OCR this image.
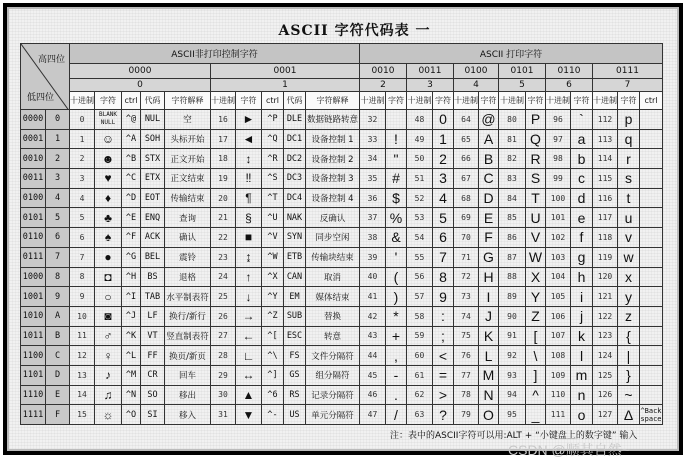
ASCII 字符代码表 一
高四位
低四位		ASCII非打印控制字符										ASCII 打印字符												
		0000					0001					0010		0011		0100		0101		0110		0111		
		0					1					2		3		4		5		6		7		
		十进制	字符	ctrl	代码	字符解释	十进制	字符	ctrl	代码	字符解释	十进制	字符	十进制	字符	十进制	字符	十进制	字符	十进制	字符	十进制	字符	ctrl
0000	0	0	BLANK NULL	^@	NUL	空	16	►	^P	DLE	数据链路转意	32		48	0	64	@	80	P	96	`	112	p	
0001	1	1	☺	^A	SOH	头标开始	17	◄	^Q	DC1	设备控制 1	33	!	49	1	65	A	81	Q	97	a	113	q	
0010	2	2	☻	^B	STX	正文开始	18	↕	^R	DC2	设备控制 2	34	"	50	2	66	B	82	R	98	b	114	r	
0011	3	3	♥	^C	ETX	正文结束	19	‼	^S	DC3	设备控制 3	35	#	51	3	67	C	83	S	99	c	115	s	
0100	4	4	♦	^D	EOT	传输结束	20	¶	^T	DC4	设备控制 4	36	$	52	4	68	D	84	T	100	d	116	t	
0101	5	5	♣	^E	ENQ	查询	21	§	^U	NAK	反确认	37	%	53	5	69	E	85	U	101	e	117	u	
0110	6	6	♠	^F	ACK	确认	22	■	^V	SYN	同步空闲	38	&	54	6	70	F	86	V	102	f	118	v	
0111	7	7	●	^G	BEL	震铃	23	↨	^W	ETB	传输块结束	39	'	55	7	71	G	87	W	103	g	119	w	
1000	8	8	◘	^H	BS	退格	24	↑	^X	CAN	取消	40	(	56	8	72	H	88	X	104	h	120	x	
1001	9	9	○	^I	TAB	水平制表符	25	↓	^Y	EM	媒体结束	41	)	57	9	73	I	89	Y	105	i	121	y	
1010	A	10	◙	^J	LF	换行/新行	26	→	^Z	SUB	替换	42	*	58	:	74	J	90	Z	106	j	122	z	
1011	B	11	♂	^K	VT	竖直制表符	27	←	^[	ESC	转意	43	+	59	;	75	K	91	[	107	k	123	{	
1100	C	12	♀	^L	FF	换页/新页	28	∟	^\	FS	文件分隔符	44	,	60	<	76	L	92	\	108	l	124	|	
1101	D	13	♪	^M	CR	回车	29	↔	^]	GS	组分隔符	45	-	61	=	77	M	93	]	109	m	125	}	
1110	E	14	♫	^N	SO	移出	30	▲	^6	RS	记录分隔符	46	.	62	>	78	N	94	^	110	n	126	~	
1111	F	15	☼	^O	SI	移入	31	▼	^-	US	单元分隔符	47	/	63	?	79	O	95	_	111	o	127	Δ	^Back space
注：表中的ASCII字符可以用:ALT + “小键盘上的数字键” 输入
CSDN @顺其自然~
